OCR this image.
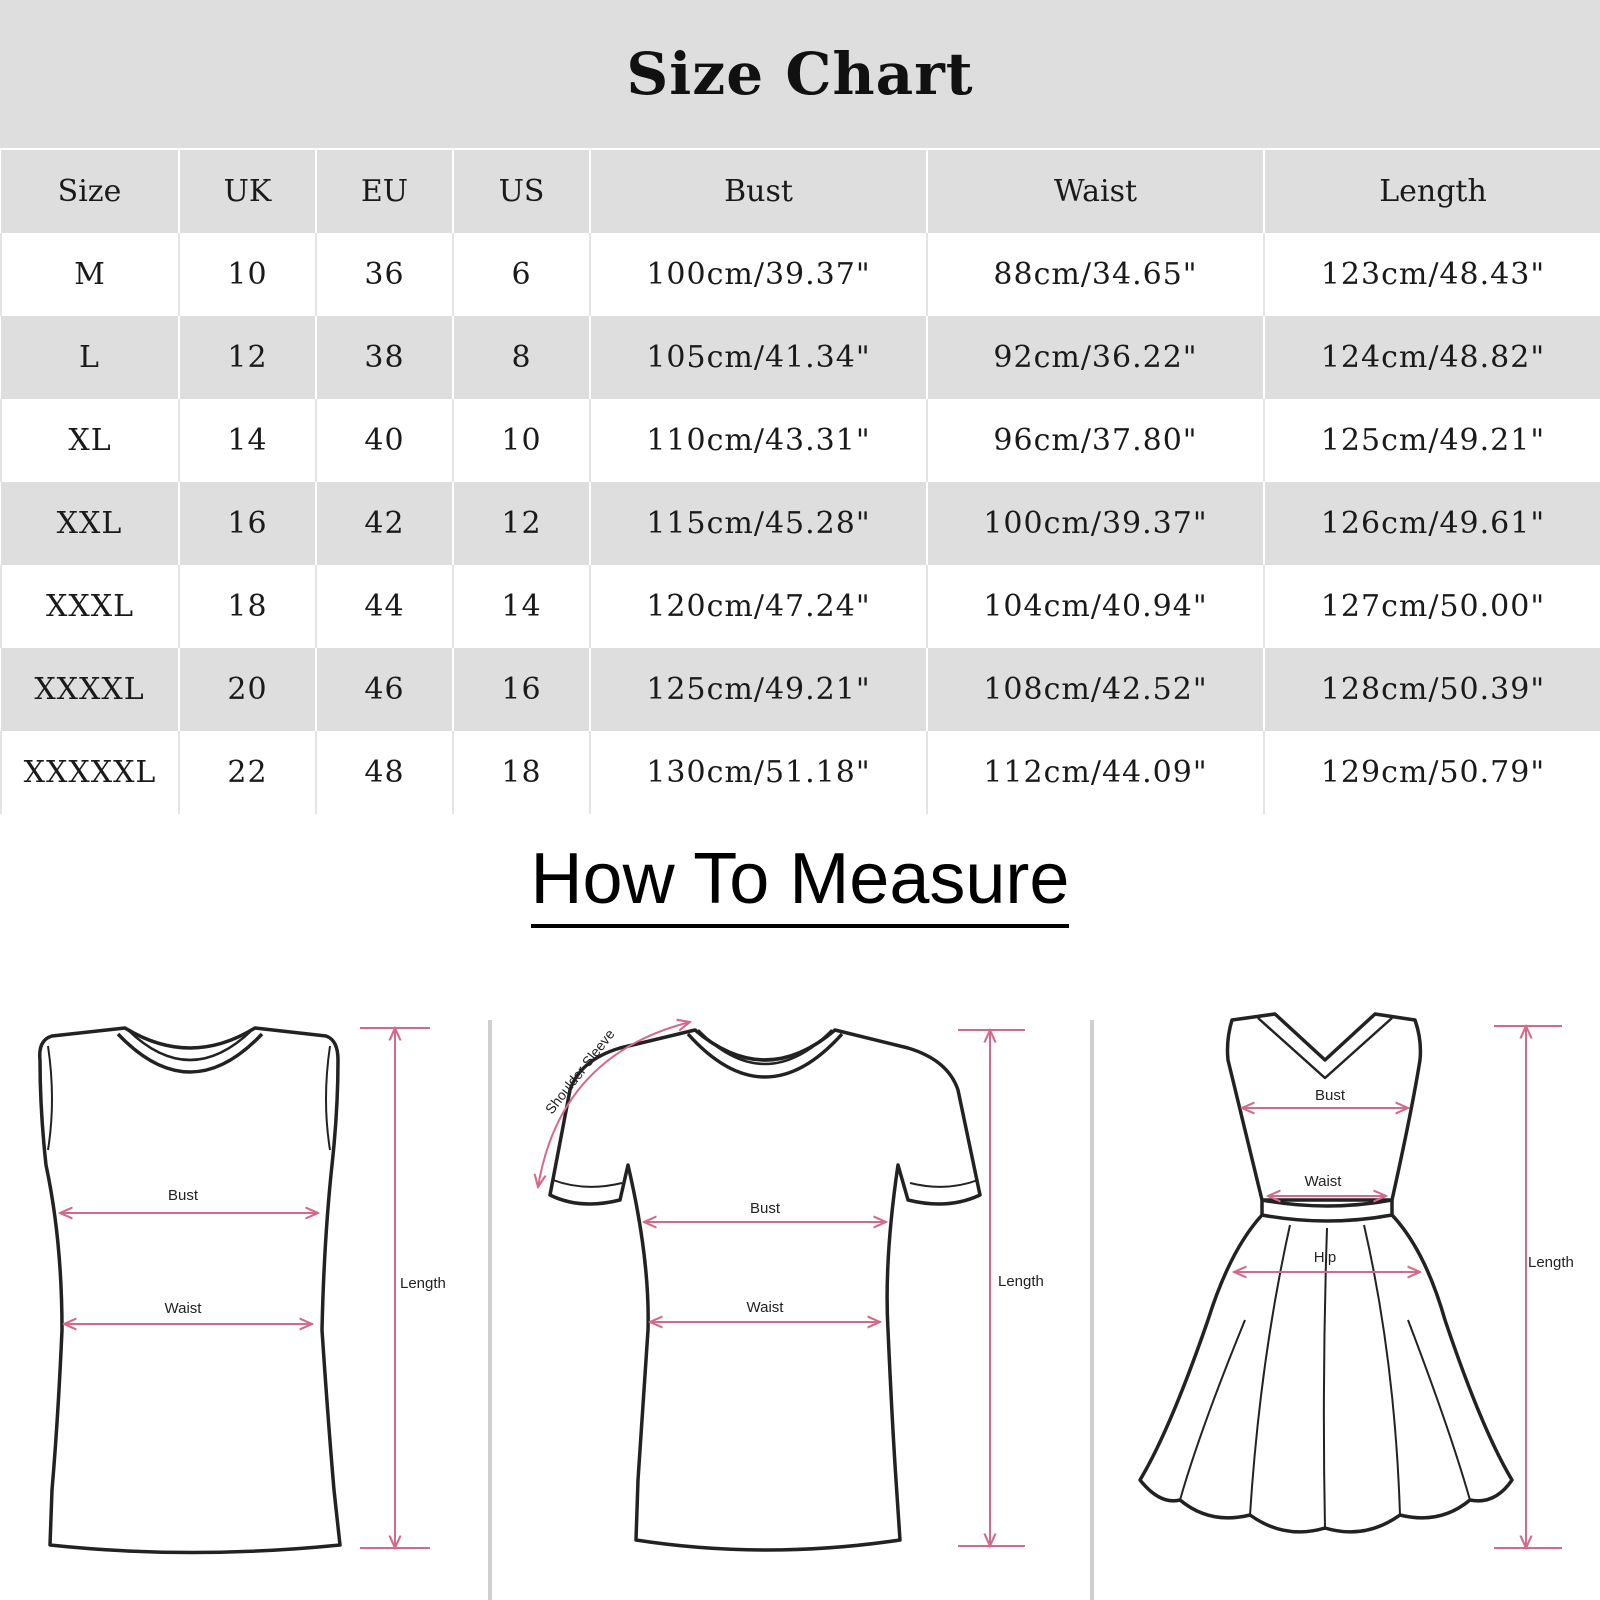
Size Chart
Size	UK	EU	US	Bust	Waist	Length
M	10	36	6	100cm/39.37"	88cm/34.65"	123cm/48.43"
L	12	38	8	105cm/41.34"	92cm/36.22"	124cm/48.82"
XL	14	40	10	110cm/43.31"	96cm/37.80"	125cm/49.21"
XXL	16	42	12	115cm/45.28"	100cm/39.37"	126cm/49.61"
XXXL	18	44	14	120cm/47.24"	104cm/40.94"	127cm/50.00"
XXXXL	20	46	16	125cm/49.21"	108cm/42.52"	128cm/50.39"
XXXXXL	22	48	18	130cm/51.18"	112cm/44.09"	129cm/50.79"
How To Measure
Bust
Waist
Length
Shoulder Sleeve
Bust
Waist
Length
Bust
Waist
Hip	Length
